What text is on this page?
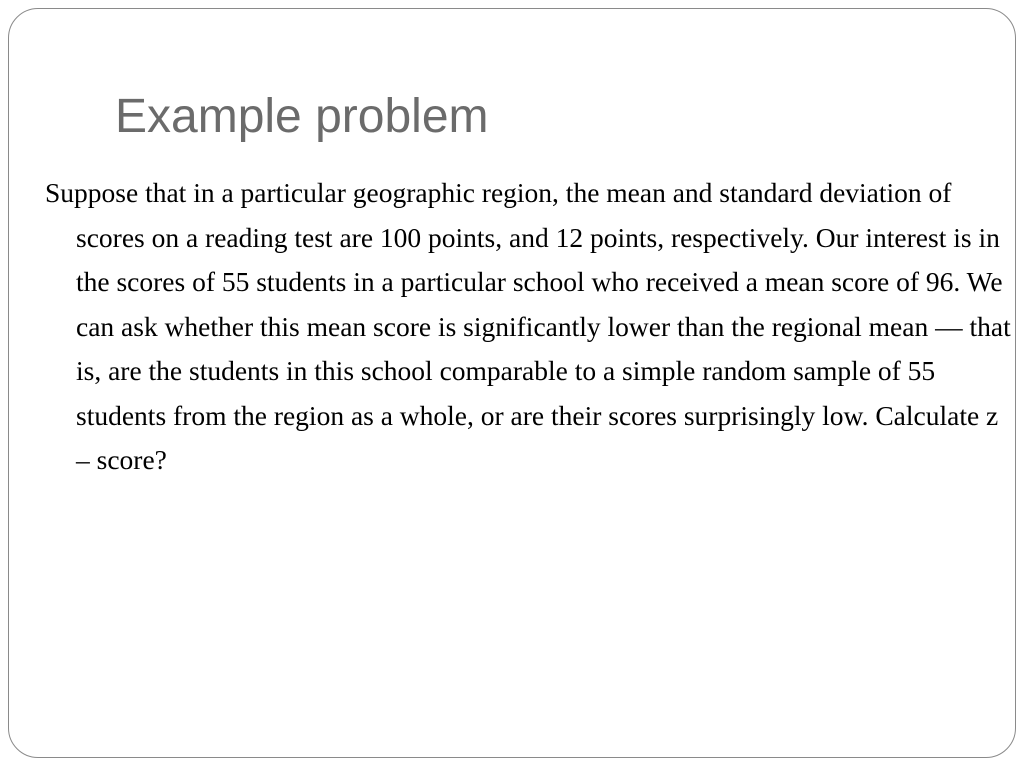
Example problem

Suppose that in a particular geographic region, the mean and standard deviation of scores on a reading test are 100 points, and 12 points, respectively. Our interest is in the scores of 55 students in a particular school who received a mean score of 96. We can ask whether this mean score is significantly lower than the regional mean — that is, are the students in this school comparable to a simple random sample of 55 students from the region as a whole, or are their scores surprisingly low. Calculate z – score?
